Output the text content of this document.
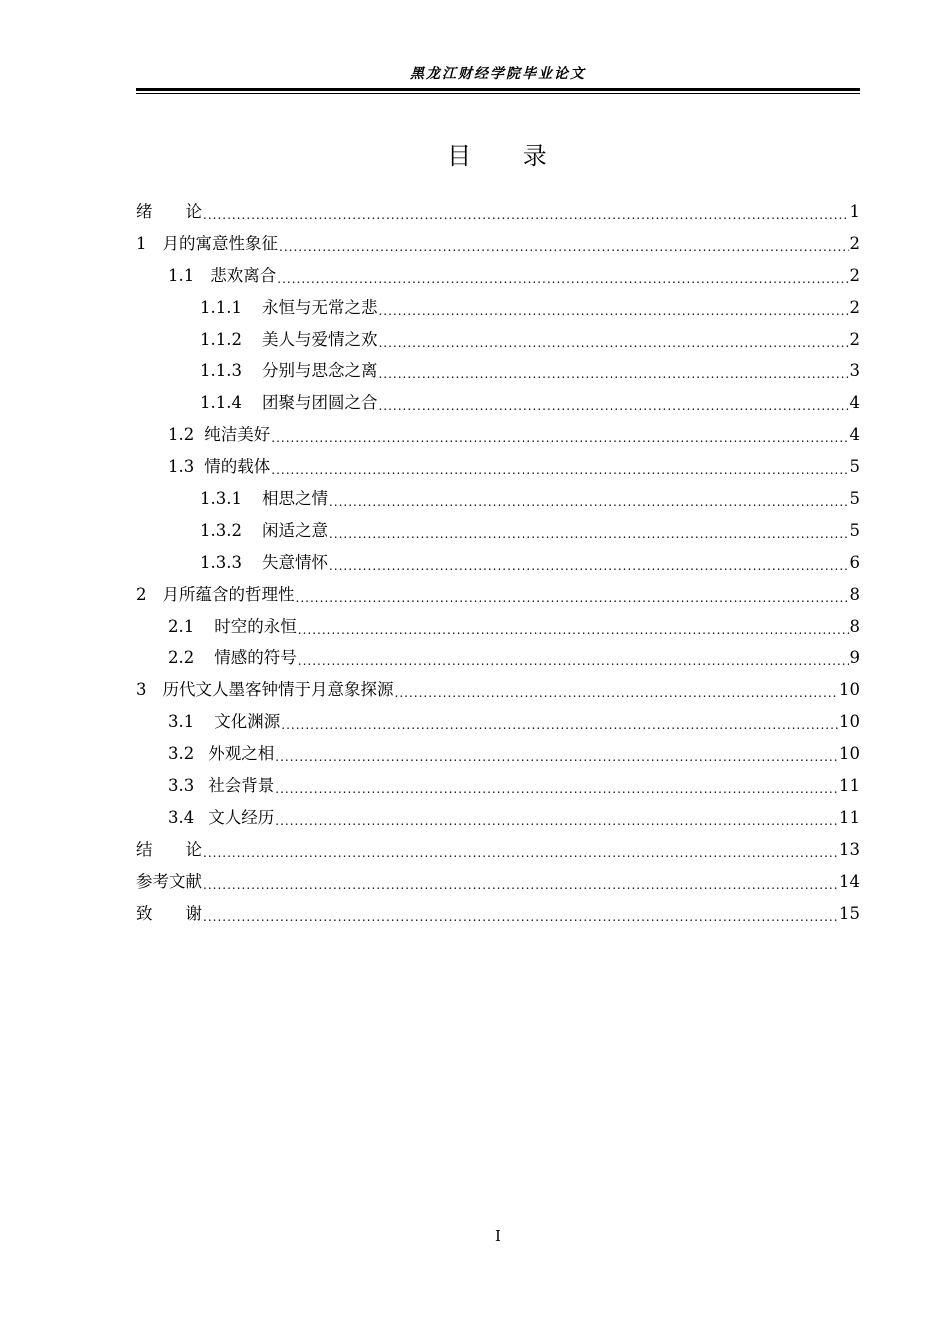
黑龙江财经学院毕业论文
目 录
绪　　论 .....	1
1 月的寓意性象征 .....	2
1.1 悲欢离合 .....	2
1.1.1 永恒与无常之悲 .....	2
1.1.2 美人与爱情之欢 .....	2
1.1.3 分别与思念之离 .....	3
1.1.4 团聚与团圆之合 .....	4
1.2 纯洁美好 .....	4
1.3 情的载体 .....	5
1.3.1 相思之情 .....	5
1.3.2 闲适之意 .....	5
1.3.3 失意情怀 .....	6
2 月所蕴含的哲理性 .....	8
2.1 时空的永恒 .....	8
2.2 情感的符号 .....	9
3 历代文人墨客钟情于月意象探源 .....	10
3.1 文化渊源 .....	10
3.2 外观之相 .....	10
3.3 社会背景 .....	11
3.4 文人经历 .....	11
结　　论 .....	13
参考文献 .....	14
致　　谢 .....	15
I
